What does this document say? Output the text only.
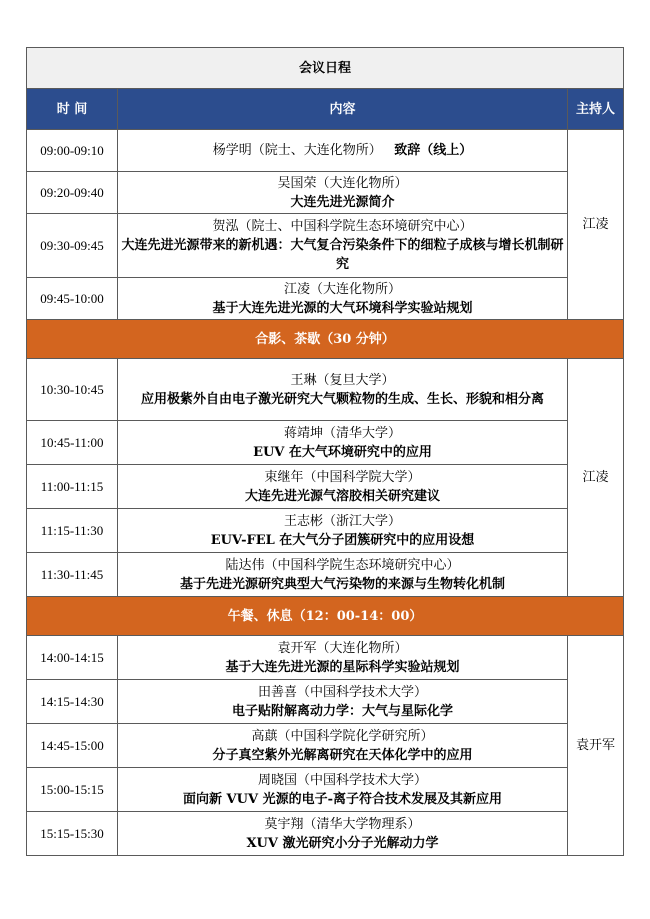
会议日程		
时 间	内容	主持人
09:00-09:10	杨学明（院士、大连化物所） 致辞（线上）	江凌
09:20-09:40	吴国荣（大连化物所）
大连先进光源简介	

09:30-09:45	贺泓（院士、中国科学院生态环境研究中心）
大连先进光源带来的新机遇：大气复合污染条件下的细粒子成核与增长机制研究	

09:45-10:00	江凌（大连化物所）
基于大连先进光源的大气环境科学实验站规划	

合影、茶歇（30 分钟）		
10:30-10:45	王琳（复旦大学）
应用极紫外自由电子激光研究大气颗粒物的生成、生长、形貌和相分离	江凌
10:45-11:00	蒋靖坤（清华大学）
EUV 在大气环境研究中的应用	

11:00-11:15	束继年（中国科学院大学）
大连先进光源气溶胶相关研究建议	

11:15-11:30	王志彬（浙江大学）
EUV-FEL 在大气分子团簇研究中的应用设想	

11:30-11:45	陆达伟（中国科学院生态环境研究中心）
基于先进光源研究典型大气污染物的来源与生物转化机制	

午餐、休息（12：00-14：00）		
14:00-14:15	袁开军（大连化物所）
基于大连先进光源的星际科学实验站规划	袁开军
14:15-14:30	田善喜（中国科学技术大学）
电子贴附解离动力学：大气与星际化学	

14:45-15:00	高蕻（中国科学院化学研究所）
分子真空紫外光解离研究在天体化学中的应用	

15:00-15:15	周晓国（中国科学技术大学）
面向新 VUV 光源的电子-离子符合技术发展及其新应用	

15:15-15:30	莫宇翔（清华大学物理系）
XUV 激光研究小分子光解动力学	
